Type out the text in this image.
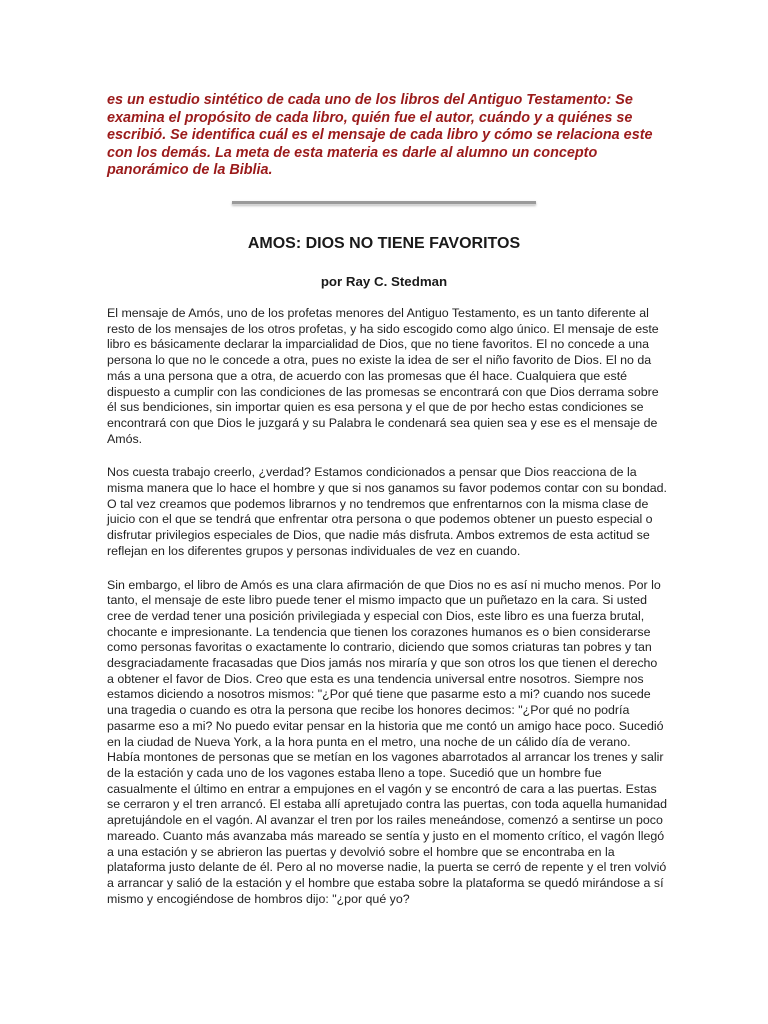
es un estudio sintético de cada uno de los libros del Antiguo Testamento: Se examina el propósito de cada libro, quién fue el autor, cuándo y a quiénes se escribió. Se identifica cuál es el mensaje de cada libro y cómo se relaciona este con los demás. La meta de esta materia es darle al alumno un concepto panorámico de la Biblia.

AMOS: DIOS NO TIENE FAVORITOS
por Ray C. Stedman

El mensaje de Amós, uno de los profetas menores del Antiguo Testamento, es un tanto diferente al resto de los mensajes de los otros profetas, y ha sido escogido como algo único. El mensaje de este libro es básicamente declarar la imparcialidad de Dios, que no tiene favoritos. El no concede a una persona lo que no le concede a otra, pues no existe la idea de ser el niño favorito de Dios. El no da más a una persona que a otra, de acuerdo con las promesas que él hace. Cualquiera que esté dispuesto a cumplir con las condiciones de las promesas se encontrará con que Dios derrama sobre él sus bendiciones, sin importar quien es esa persona y el que de por hecho estas condiciones se encontrará con que Dios le juzgará y su Palabra le condenará sea quien sea y ese es el mensaje de Amós.

Nos cuesta trabajo creerlo, ¿verdad? Estamos condicionados a pensar que Dios reacciona de la misma manera que lo hace el hombre y que si nos ganamos su favor podemos contar con su bondad. O tal vez creamos que podemos librarnos y no tendremos que enfrentarnos con la misma clase de juicio con el que se tendrá que enfrentar otra persona o que podemos obtener un puesto especial o disfrutar privilegios especiales de Dios, que nadie más disfruta. Ambos extremos de esta actitud se reflejan en los diferentes grupos y personas individuales de vez en cuando.

Sin embargo, el libro de Amós es una clara afirmación de que Dios no es así ni mucho menos. Por lo tanto, el mensaje de este libro puede tener el mismo impacto que un puñetazo en la cara. Si usted cree de verdad tener una posición privilegiada y especial con Dios, este libro es una fuerza brutal, chocante e impresionante. La tendencia que tienen los corazones humanos es o bien considerarse como personas favoritas o exactamente lo contrario, diciendo que somos criaturas tan pobres y tan desgraciadamente fracasadas que Dios jamás nos miraría y que son otros los que tienen el derecho a obtener el favor de Dios. Creo que esta es una tendencia universal entre nosotros. Siempre nos estamos diciendo a nosotros mismos: "¿Por qué tiene que pasarme esto a mi? cuando nos sucede una tragedia o cuando es otra la persona que recibe los honores decimos: "¿Por qué no podría pasarme eso a mi? No puedo evitar pensar en la historia que me contó un amigo hace poco. Sucedió en la ciudad de Nueva York, a la hora punta en el metro, una noche de un cálido día de verano. Había montones de personas que se metían en los vagones abarrotados al arrancar los trenes y salir de la estación y cada uno de los vagones estaba lleno a tope. Sucedió que un hombre fue casualmente el último en entrar a empujones en el vagón y se encontró de cara a las puertas. Estas se cerraron y el tren arrancó. El estaba allí apretujado contra las puertas, con toda aquella humanidad apretujándole en el vagón. Al avanzar el tren por los railes meneándose, comenzó a sentirse un poco mareado. Cuanto más avanzaba más mareado se sentía y justo en el momento crítico, el vagón llegó a una estación y se abrieron las puertas y devolvió sobre el hombre que se encontraba en la plataforma justo delante de él. Pero al no moverse nadie, la puerta se cerró de repente y el tren volvió a arrancar y salió de la estación y el hombre que estaba sobre la plataforma se quedó mirándose a sí mismo y encogiéndose de hombros dijo: "¿por qué yo?
